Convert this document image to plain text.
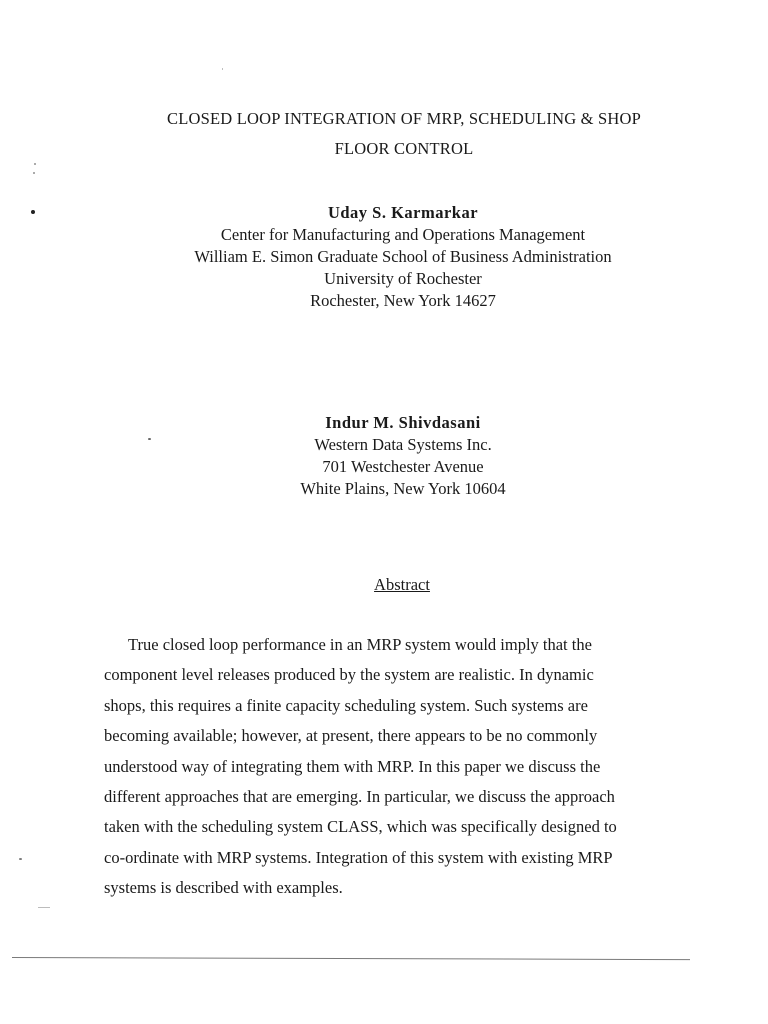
CLOSED LOOP INTEGRATION OF MRP, SCHEDULING & SHOP
FLOOR CONTROL
Uday S. Karmarkar
Center for Manufacturing and Operations Management
William E. Simon Graduate School of Business Administration
University of Rochester
Rochester, New York 14627
Indur M. Shivdasani
Western Data Systems Inc.
701 Westchester Avenue
White Plains, New York 10604
Abstract
True closed loop performance in an MRP system would imply that the
component level releases produced by the system are realistic. In dynamic
shops, this requires a finite capacity scheduling system. Such systems are
becoming available; however, at present, there appears to be no commonly
understood way of integrating them with MRP. In this paper we discuss the
different approaches that are emerging. In particular, we discuss the approach
taken with the scheduling system CLASS, which was specifically designed to
co-ordinate with MRP systems. Integration of this system with existing MRP
systems is described with examples.
